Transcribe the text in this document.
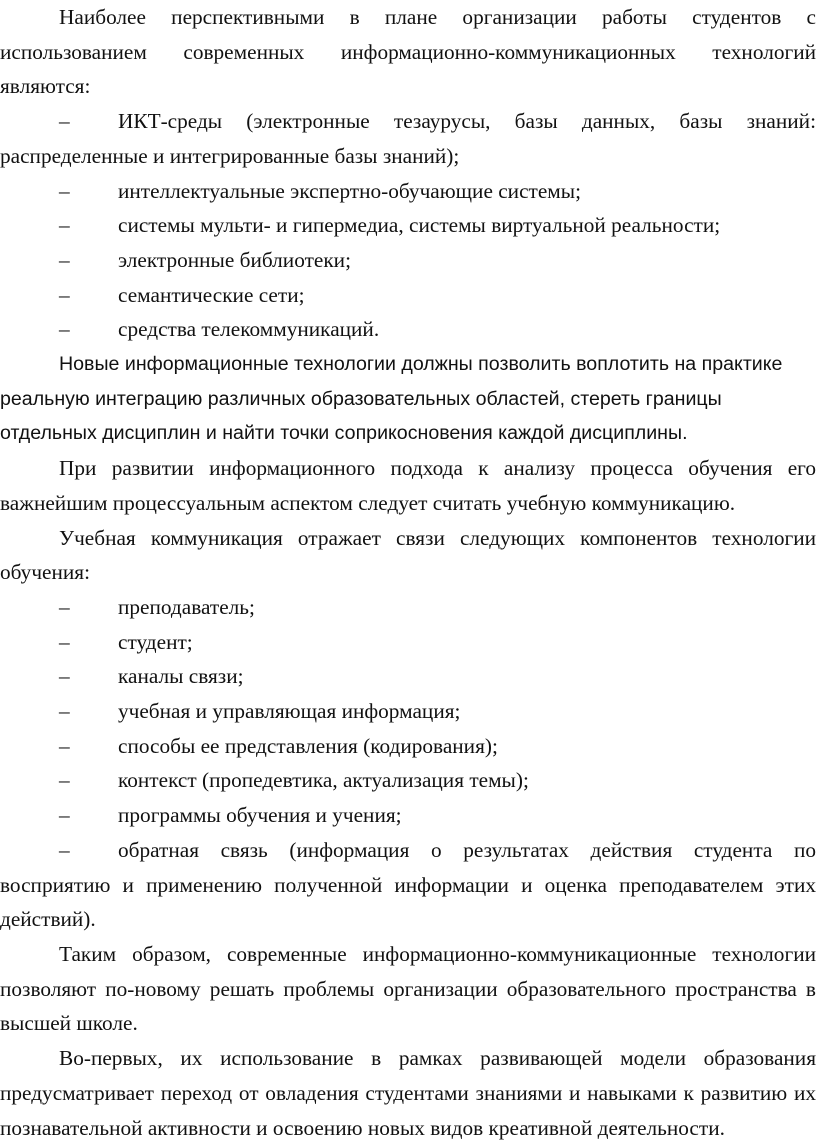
Наиболее перспективными в плане организации работы студентов с использованием современных информационно-коммуникационных технологий являются:

– ИКТ-среды (электронные тезаурусы, базы данных, базы знаний: распределенные и интегрированные базы знаний);

– интеллектуальные экспертно-обучающие системы;

– системы мульти- и гипермедиа, системы виртуальной реальности;

– электронные библиотеки;

– семантические сети;

– средства телекоммуникаций.

Новые информационные технологии должны позволить воплотить на практике реальную интеграцию различных образовательных областей, стереть границы отдельных дисциплин и найти точки соприкосновения каждой дисциплины.

При развитии информационного подхода к анализу процесса обучения его важнейшим процессуальным аспектом следует считать учебную коммуникацию.

Учебная коммуникация отражает связи следующих компонентов технологии обучения:

– преподаватель;

– студент;

– каналы связи;

– учебная и управляющая информация;

– способы ее представления (кодирования);

– контекст (пропедевтика, актуализация темы);

– программы обучения и учения;

– обратная связь (информация о результатах действия студента по восприятию и применению полученной информации и оценка преподавателем этих действий).

Таким образом, современные информационно-коммуникационные технологии позволяют по-новому решать проблемы организации образовательного пространства в высшей школе.

Во-первых, их использование в рамках развивающей модели образования предусматривает переход от овладения студентами знаниями и навыками к развитию их познавательной активности и освоению новых видов креативной деятельности.
